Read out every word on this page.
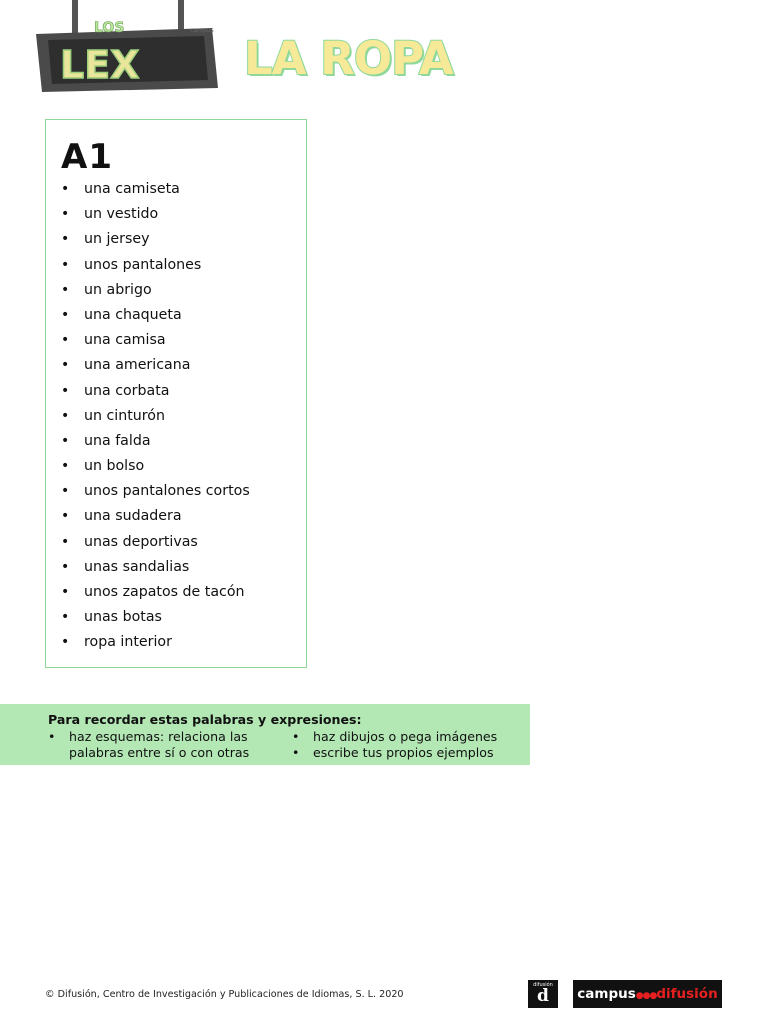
LOS
LEX
campus
LA ROPA
A1
• una camiseta
• un vestido
• un jersey
• unos pantalones
• un abrigo
• una chaqueta
• una camisa
• una americana
• una corbata
• un cinturón
• una falda
• un bolso
• unos pantalones cortos
• una sudadera
• unas deportivas
• unas sandalias
• unos zapatos de tacón
• unas botas
• ropa interior
Para recordar estas palabras y expresiones:
• haz esquemas: relaciona las
palabras entre sí o con otras
• haz dibujos o pega imágenes
• escribe tus propios ejemplos
© Difusión, Centro de Investigación y Publicaciones de Idiomas, S. L. 2020
difusión
d	campus●●●difusión
